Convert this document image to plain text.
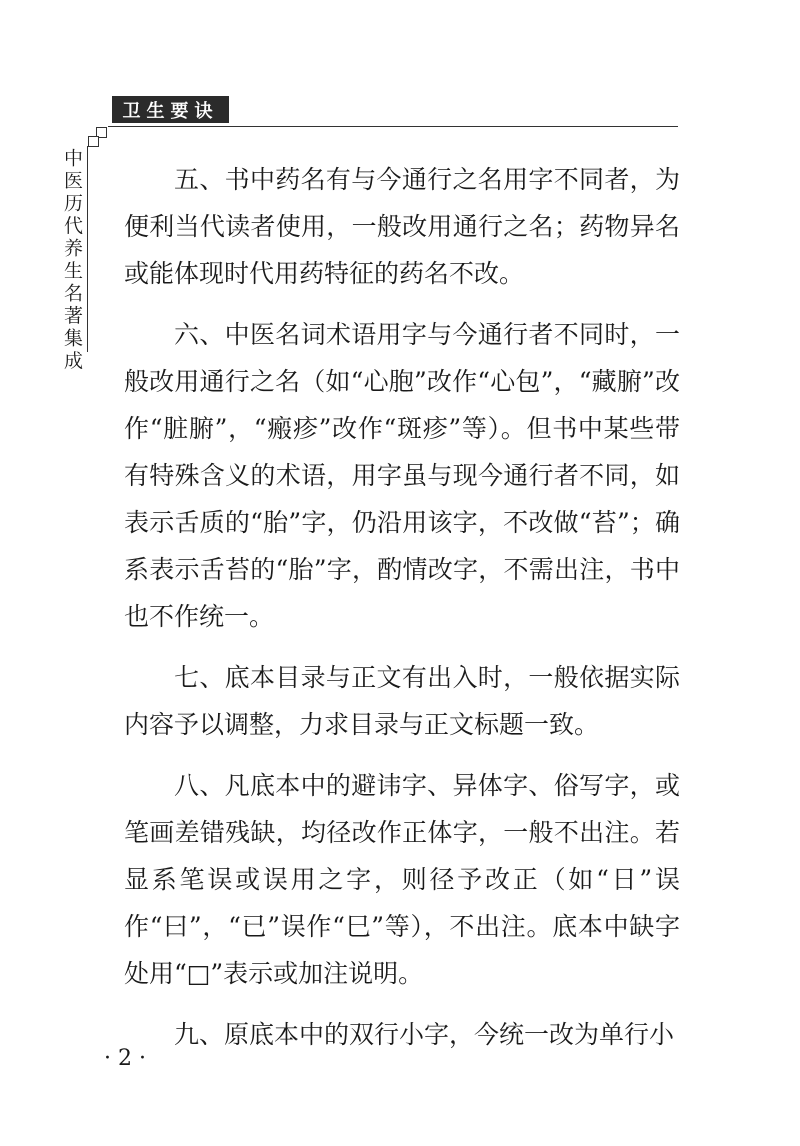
卫生要诀
中医历代养生名著集成	五、书中药名有与今通行之名用字不同者，为便利当代读者使用，一般改用通行之名；药物异名或能体现时代用药特征的药名不改。

六、中医名词术语用字与今通行者不同时，一般改用通行之名（如“心胞”改作“心包”，“藏腑”改作“脏腑”，“瘢疹”改作“斑疹”等）。但书中某些带有特殊含义的术语，用字虽与现今通行者不同，如表示舌质的“胎”字，仍沿用该字，不改做“苔”；确系表示舌苔的“胎”字，酌情改字，不需出注，书中也不作统一。

七、底本目录与正文有出入时，一般依据实际内容予以调整，力求目录与正文标题一致。

八、凡底本中的避讳字、异体字、俗写字，或笔画差错残缺，均径改作正体字，一般不出注。若显系笔误或误用之字，则径予改正（如“日”误作“曰”，“已”误作“巳”等），不出注。底本中缺字处用“□”表示或加注说明。

九、原底本中的双行小字，今统一改为单行小

· 2 ·
